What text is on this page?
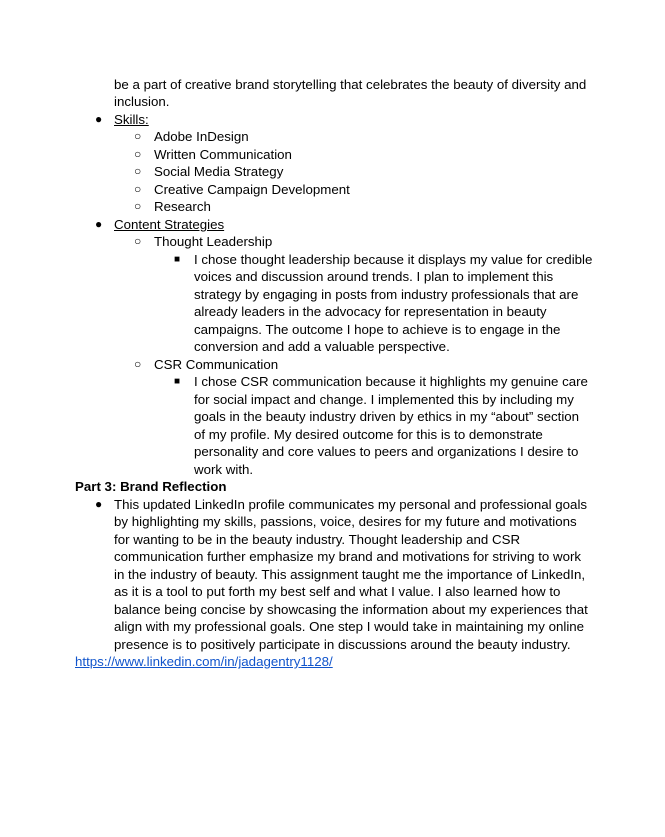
be a part of creative brand storytelling that celebrates the beauty of diversity and
inclusion.
● Skills:
○ Adobe InDesign
○ Written Communication
○ Social Media Strategy
○ Creative Campaign Development
○ Research
● Content Strategies
○ Thought Leadership
■ I chose thought leadership because it displays my value for credible
voices and discussion around trends. I plan to implement this
strategy by engaging in posts from industry professionals that are
already leaders in the advocacy for representation in beauty
campaigns. The outcome I hope to achieve is to engage in the
conversion and add a valuable perspective.
○ CSR Communication
■ I chose CSR communication because it highlights my genuine care
for social impact and change. I implemented this by including my
goals in the beauty industry driven by ethics in my “about” section
of my profile. My desired outcome for this is to demonstrate
personality and core values to peers and organizations I desire to
work with.
Part 3: Brand Reflection
● This updated LinkedIn profile communicates my personal and professional goals
by highlighting my skills, passions, voice, desires for my future and motivations
for wanting to be in the beauty industry. Thought leadership and CSR
communication further emphasize my brand and motivations for striving to work
in the industry of beauty. This assignment taught me the importance of LinkedIn,
as it is a tool to put forth my best self and what I value. I also learned how to
balance being concise by showcasing the information about my experiences that
align with my professional goals. One step I would take in maintaining my online
presence is to positively participate in discussions around the beauty industry.
https://www.linkedin.com/in/jadagentry1128/
